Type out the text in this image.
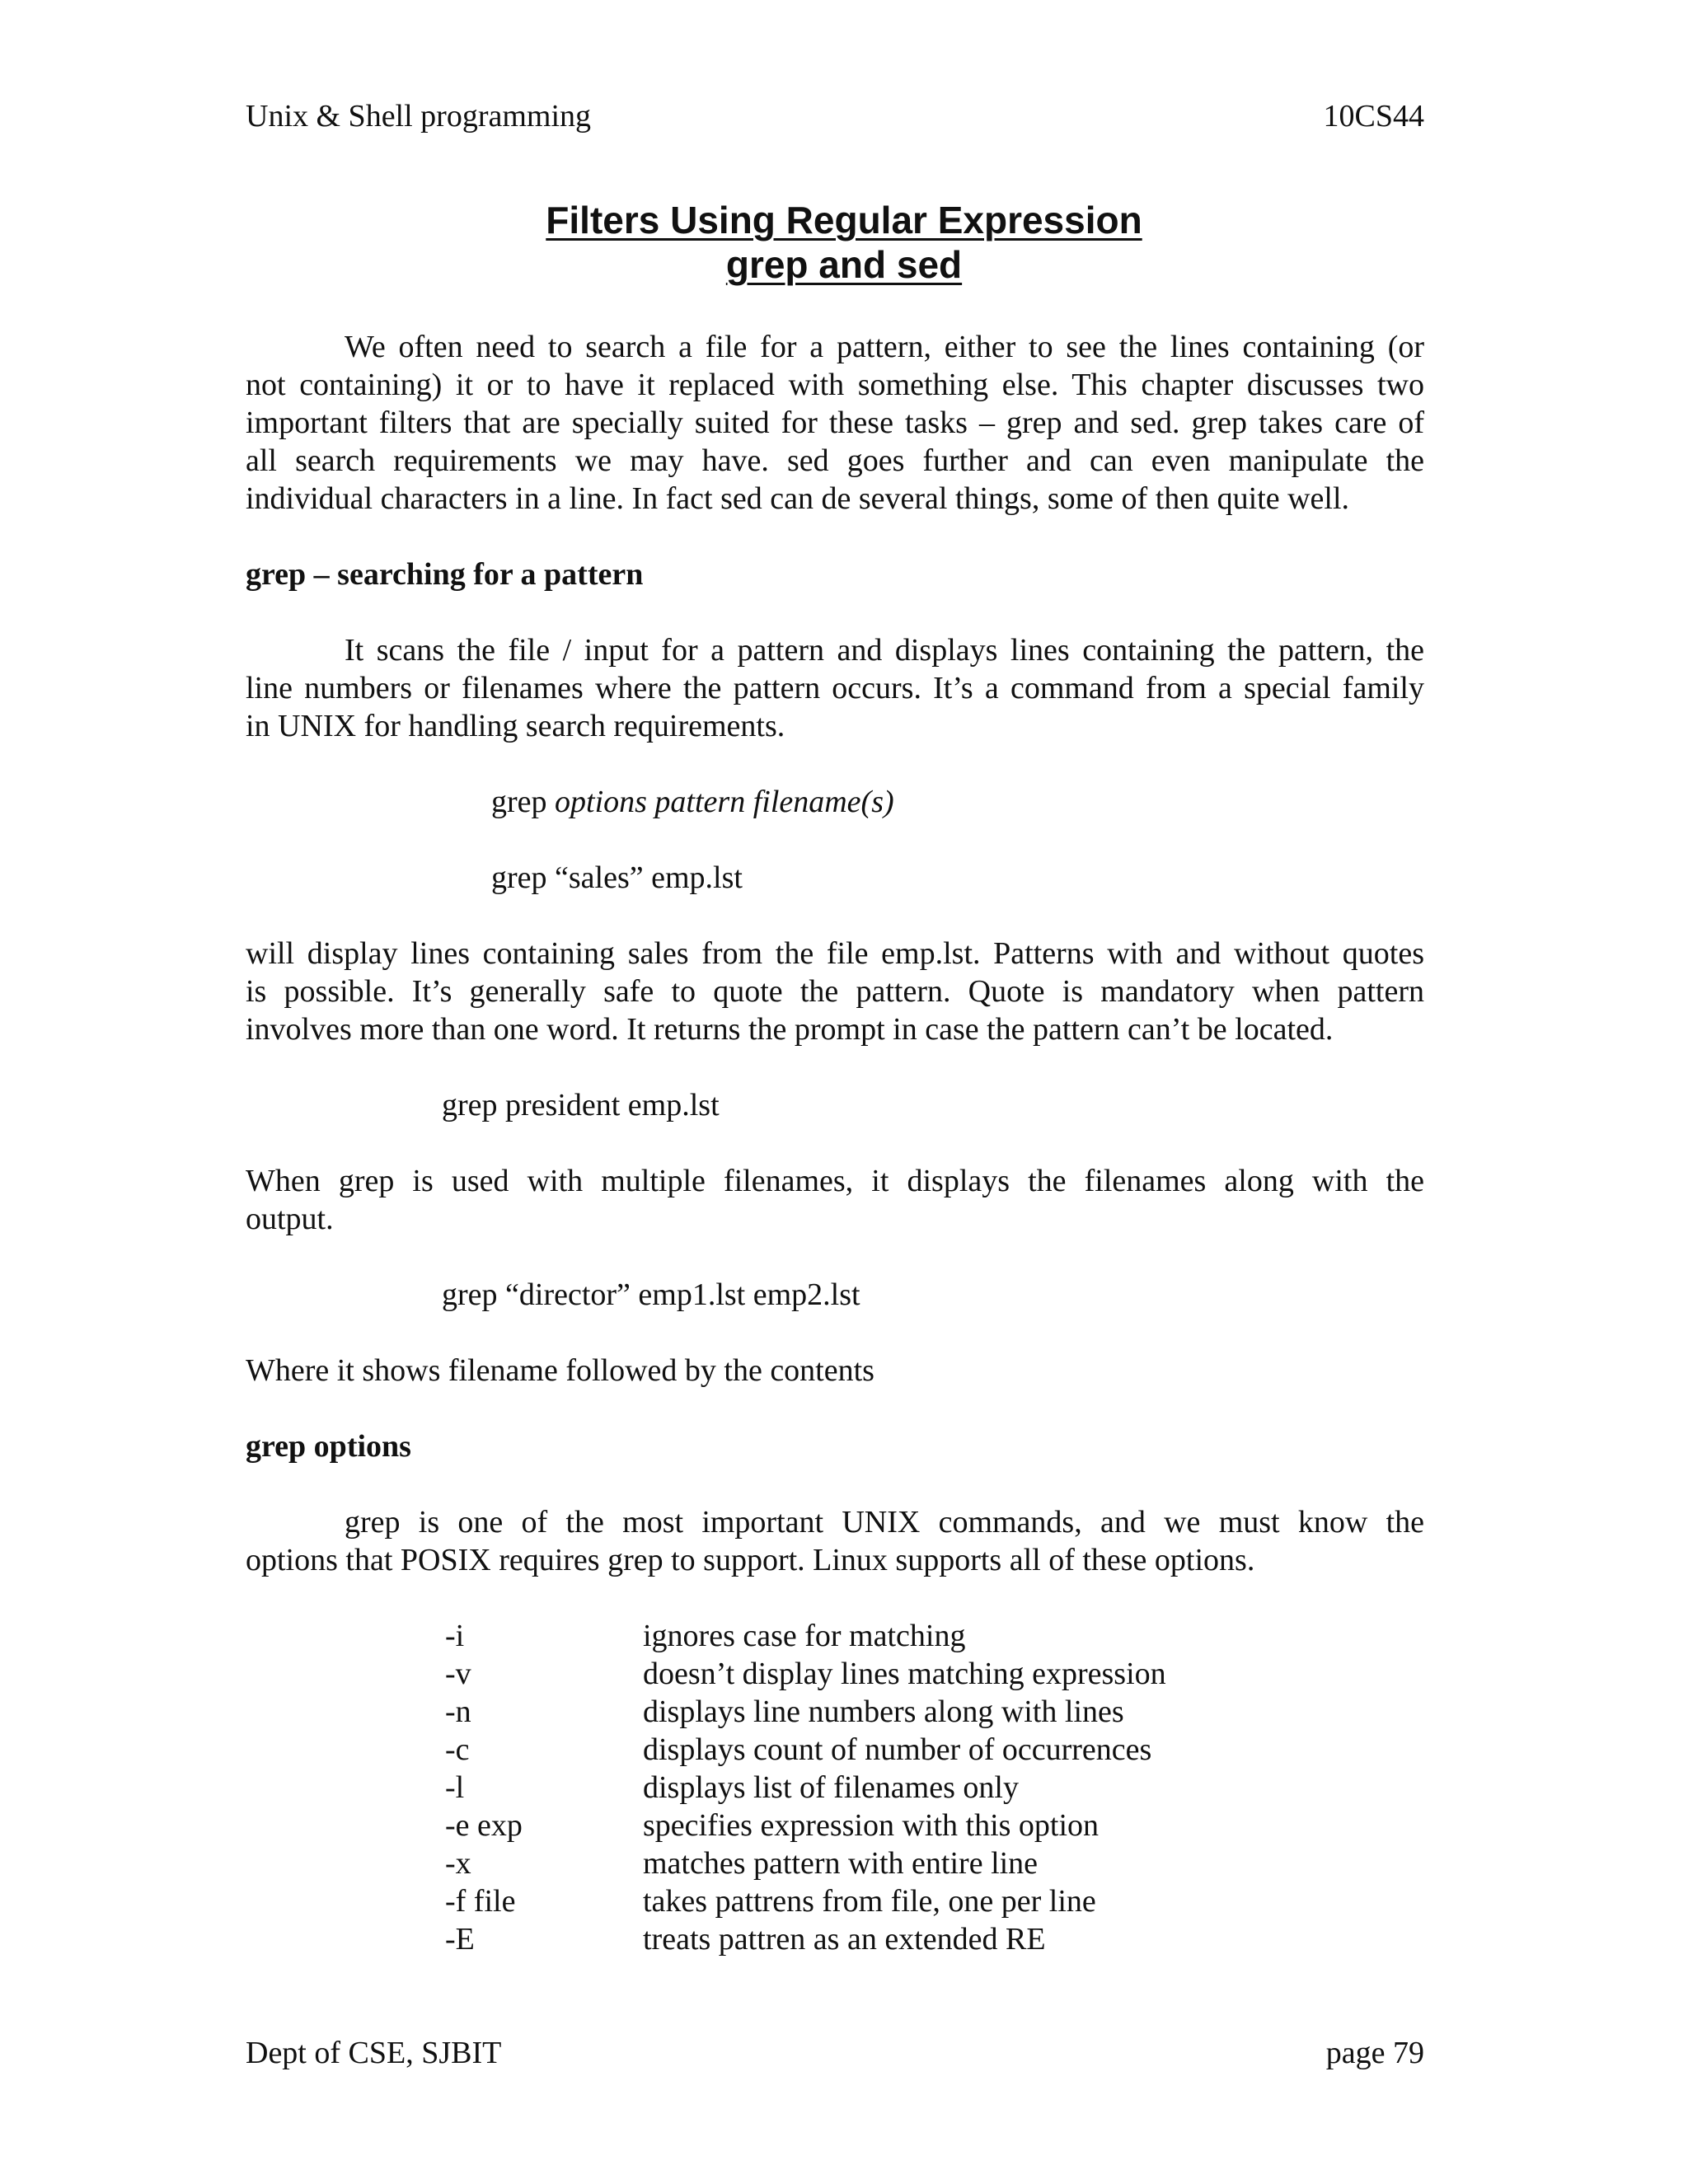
Unix & Shell programming	10CS44
Filters Using Regular Expression
grep and sed
We often need to search a file for a pattern, either to see the lines containing (or
not containing) it or to have it replaced with something else. This chapter discusses two
important filters that are specially suited for these tasks – grep and sed. grep takes care of
all search requirements we may have. sed goes further and can even manipulate the
individual characters in a line. In fact sed can de several things, some of then quite well.
grep – searching for a pattern
It scans the file / input for a pattern and displays lines containing the pattern, the
line numbers or filenames where the pattern occurs. It’s a command from a special family
in UNIX for handling search requirements.
grep options pattern filename(s)
grep “sales” emp.lst
will display lines containing sales from the file emp.lst. Patterns with and without quotes
is possible. It’s generally safe to quote the pattern. Quote is mandatory when pattern
involves more than one word. It returns the prompt in case the pattern can’t be located.
grep president emp.lst
When grep is used with multiple filenames, it displays the filenames along with the
output.
grep “director” emp1.lst emp2.lst
Where it shows filename followed by the contents
grep options
grep is one of the most important UNIX commands, and we must know the
options that POSIX requires grep to support. Linux supports all of these options.
-i	ignores case for matching
-v	doesn’t display lines matching expression
-n	displays line numbers along with lines
-c	displays count of number of occurrences
-l	displays list of filenames only
-e exp	specifies expression with this option
-x	matches pattern with entire line
-f file	takes pattrens from file, one per line
-E	treats pattren as an extended RE
Dept of CSE, SJBIT	page 79
